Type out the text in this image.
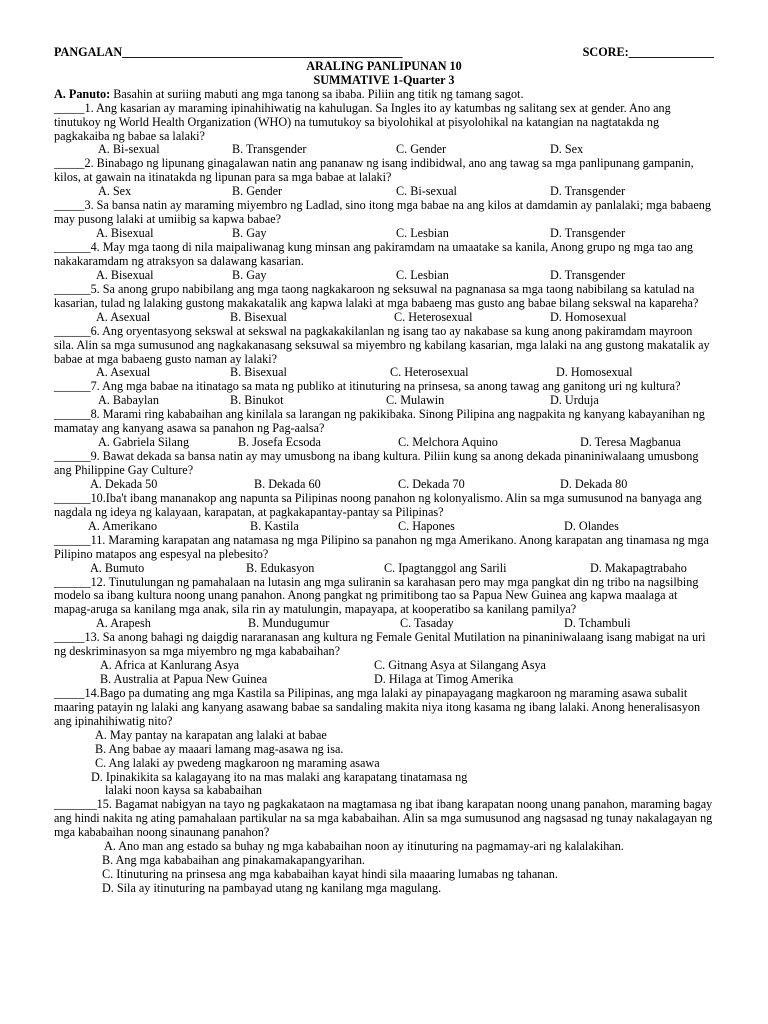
PANGALAN______________________________________________	SCORE:______________
ARALING PANLIPUNAN 10
SUMMATIVE 1-Quarter 3

A. Panuto: Basahin at suriing mabuti ang mga tanong sa ibaba. Piliin ang titik ng tamang sagot.

_____1. Ang kasarian ay maraming ipinahihiwatig na kahulugan. Sa Ingles ito ay katumbas ng salitang sex at gender. Ano ang tinutukoy ng World Health Organization (WHO) na tumutukoy sa biyolohikal at pisyolohikal na katangian na nagtatakda ng pagkakaiba ng babae sa lalaki?

A. Bi-sexual	B. Transgender	C. Gender	D. Sex

_____2. Binabago ng lipunang ginagalawan natin ang pananaw ng isang indibidwal, ano ang tawag sa mga panlipunang gampanin, kilos, at gawain na itinatakda ng lipunan para sa mga babae at lalaki?

A. Sex	B. Gender	C. Bi-sexual	D. Transgender

_____3. Sa bansa natin ay maraming miyembro ng Ladlad, sino itong mga babae na ang kilos at damdamin ay panlalaki; mga babaeng may pusong lalaki at umiibig sa kapwa babae?

A. Bisexual	B. Gay	C. Lesbian	D. Transgender

______4. May mga taong di nila maipaliwanag kung minsan ang pakiramdam na umaatake sa kanila, Anong grupo ng mga tao ang nakakaramdam ng atraksyon sa dalawang kasarian.

A. Bisexual	B. Gay	C. Lesbian	D. Transgender

______5. Sa anong grupo nabibilang ang mga taong nagkakaroon ng seksuwal na pagnanasa sa mga taong nabibilang sa katulad na kasarian, tulad ng lalaking gustong makakatalik ang kapwa lalaki at mga babaeng mas gusto ang babae bilang sekswal na kapareha?

A. Asexual	B. Bisexual	C. Heterosexual	D. Homosexual

______6. Ang oryentasyong sekswal at sekswal na pagkakakilanlan ng isang tao ay nakabase sa kung anong pakiramdam mayroon sila. Alin sa mga sumusunod ang nagkakanasang seksuwal sa miyembro ng kabilang kasarian, mga lalaki na ang gustong makatalik ay babae at mga babaeng gusto naman ay lalaki?

A. Asexual	B. Bisexual	C. Heterosexual	D. Homosexual

______7. Ang mga babae na itinatago sa mata ng publiko at itinuturing na prinsesa, sa anong tawag ang ganitong uri ng kultura?

A. Babaylan	B. Binukot	C. Mulawin	D. Urduja

______8. Marami ring kababaihan ang kinilala sa larangan ng pakikibaka. Sinong Pilipina ang nagpakita ng kanyang kabayanihan ng mamatay ang kanyang asawa sa panahon ng Pag-aalsa?

A. Gabriela Silang	B. Josefa Ecsoda	C. Melchora Aquino	D. Teresa Magbanua

______9. Bawat dekada sa bansa natin ay may umusbong na ibang kultura. Piliin kung sa anong dekada pinaniniwalaang umusbong ang Philippine Gay Culture?

A. Dekada 50	B. Dekada 60	C. Dekada 70	D. Dekada 80

______10.Iba't ibang mananakop ang napunta sa Pilipinas noong panahon ng kolonyalismo. Alin sa mga sumusunod na banyaga ang nagdala ng ideya ng kalayaan, karapatan, at pagkakapantay-pantay sa Pilipinas?

A. Amerikano	B. Kastila	C. Hapones	D. Olandes

______11. Maraming karapatan ang natamasa ng mga Pilipino sa panahon ng mga Amerikano. Anong karapatan ang tinamasa ng mga Pilipino matapos ang espesyal na plebesito?

A. Bumuto	B. Edukasyon	C. Ipagtanggol ang Sarili	D. Makapagtrabaho

______12. Tinutulungan ng pamahalaan na lutasin ang mga suliranin sa karahasan pero may mga pangkat din ng tribo na nagsilbing modelo sa ibang kultura noong unang panahon. Anong pangkat ng primitibong tao sa Papua New Guinea ang kapwa maalaga at mapag-aruga sa kanilang mga anak, sila rin ay matulungin, mapayapa, at kooperatibo sa kanilang pamilya?

A. Arapesh	B. Mundugumur	C. Tasaday	D. Tchambuli

_____13. Sa anong bahagi ng daigdig nararanasan ang kultura ng Female Genital Mutilation na pinaniniwalaang isang mabigat na uri ng deskriminasyon sa mga miyembro ng mga kababaihan?

A. Africa at Kanlurang Asya	C. Gitnang Asya at Silangang Asya
B. Australia at Papua New Guinea	D. Hilaga at Timog Amerika

_____14.Bago pa dumating ang mga Kastila sa Pilipinas, ang mga lalaki ay pinapayagang magkaroon ng maraming asawa subalit maaring patayin ng lalaki ang kanyang asawang babae sa sandaling makita niya itong kasama ng ibang lalaki. Anong heneralisasyon ang ipinahihiwatig nito?

A. May pantay na karapatan ang lalaki at babae
B. Ang babae ay maaari lamang mag-asawa ng isa.
C. Ang lalaki ay pwedeng magkaroon ng maraming asawa
D. Ipinakikita sa kalagayang ito na mas malaki ang karapatang tinatamasa ng
lalaki noon kaysa sa kababaihan

_______15. Bagamat nabigyan na tayo ng pagkakataon na magtamasa ng ibat ibang karapatan noong unang panahon, maraming bagay ang hindi nakita ng ating pamahalaan partikular na sa mga kababaihan. Alin sa mga sumusunod ang nagsasad ng tunay nakalagayan ng mga kababaihan noong sinaunang panahon?

A. Ano man ang estado sa buhay ng mga kababaihan noon ay itinuturing na pagmamay-ari ng kalalakihan.
B. Ang mga kababaihan ang pinakamakapangyarihan.
C. Itinuturing na prinsesa ang mga kababaihan kayat hindi sila maaaring lumabas ng tahanan.
D. Sila ay itinuturing na pambayad utang ng kanilang mga magulang.
